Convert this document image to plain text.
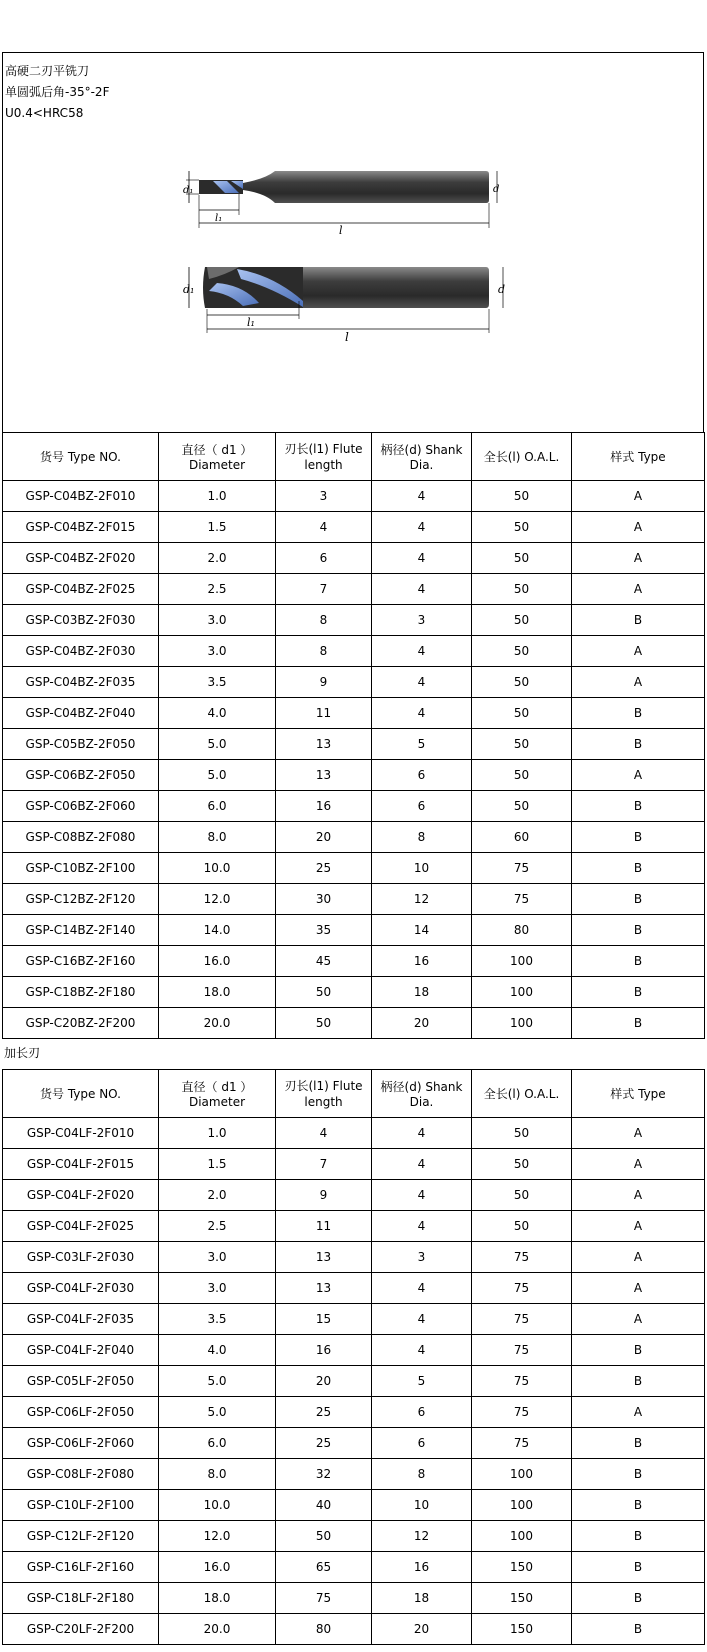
高硬二刃平铣刀
单圆弧后角-35°-2F
U0.4<HRC58
d₁
l₁
l
d
d₁
l₁
l
d
货号 Type NO.	直径（ d1 ）Diameter	刃长(l1) Flute length	柄径(d) Shank Dia.	全长(l) O.A.L.	样式 Type
GSP-C04BZ-2F010	1.0	3	4	50	A
GSP-C04BZ-2F015	1.5	4	4	50	A
GSP-C04BZ-2F020	2.0	6	4	50	A
GSP-C04BZ-2F025	2.5	7	4	50	A
GSP-C03BZ-2F030	3.0	8	3	50	B
GSP-C04BZ-2F030	3.0	8	4	50	A
GSP-C04BZ-2F035	3.5	9	4	50	A
GSP-C04BZ-2F040	4.0	11	4	50	B
GSP-C05BZ-2F050	5.0	13	5	50	B
GSP-C06BZ-2F050	5.0	13	6	50	A
GSP-C06BZ-2F060	6.0	16	6	50	B
GSP-C08BZ-2F080	8.0	20	8	60	B
GSP-C10BZ-2F100	10.0	25	10	75	B
GSP-C12BZ-2F120	12.0	30	12	75	B
GSP-C14BZ-2F140	14.0	35	14	80	B
GSP-C16BZ-2F160	16.0	45	16	100	B
GSP-C18BZ-2F180	18.0	50	18	100	B
GSP-C20BZ-2F200	20.0	50	20	100	B
加长刃
货号 Type NO.	直径（ d1 ）Diameter	刃长(l1) Flute length	柄径(d) Shank Dia.	全长(l) O.A.L.	样式 Type
GSP-C04LF-2F010	1.0	4	4	50	A
GSP-C04LF-2F015	1.5	7	4	50	A
GSP-C04LF-2F020	2.0	9	4	50	A
GSP-C04LF-2F025	2.5	11	4	50	A
GSP-C03LF-2F030	3.0	13	3	75	A
GSP-C04LF-2F030	3.0	13	4	75	A
GSP-C04LF-2F035	3.5	15	4	75	A
GSP-C04LF-2F040	4.0	16	4	75	B
GSP-C05LF-2F050	5.0	20	5	75	B
GSP-C06LF-2F050	5.0	25	6	75	A
GSP-C06LF-2F060	6.0	25	6	75	B
GSP-C08LF-2F080	8.0	32	8	100	B
GSP-C10LF-2F100	10.0	40	10	100	B
GSP-C12LF-2F120	12.0	50	12	100	B
GSP-C16LF-2F160	16.0	65	16	150	B
GSP-C18LF-2F180	18.0	75	18	150	B
GSP-C20LF-2F200	20.0	80	20	150	B
